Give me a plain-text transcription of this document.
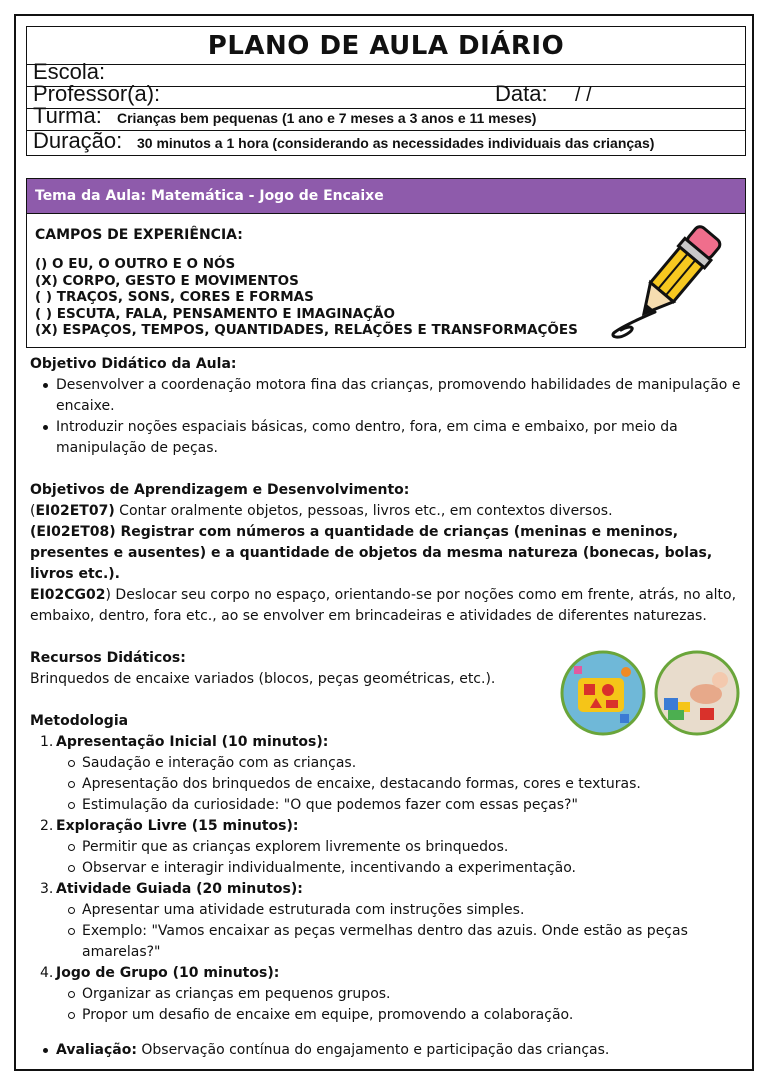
PLANO DE AULA DIÁRIO
Escola:
Professor(a):	Data: / /
Turma: Crianças bem pequenas (1 ano e 7 meses a 3 anos e 11 meses)
Duração: 30 minutos a 1 hora (considerando as necessidades individuais das crianças)
Tema da Aula: Matemática - Jogo de Encaixe
CAMPOS DE EXPERIÊNCIA:
() O EU, O OUTRO E O NÓS
(X) CORPO, GESTO E MOVIMENTOS
( ) TRAÇOS, SONS, CORES E FORMAS
( ) ESCUTA, FALA, PENSAMENTO E IMAGINAÇÃO
(X) ESPAÇOS, TEMPOS, QUANTIDADES, RELAÇÕES E TRANSFORMAÇÕES
Objetivo Didático da Aula:
Desenvolver a coordenação motora fina das crianças, promovendo habilidades de manipulação e encaixe.
Introduzir noções espaciais básicas, como dentro, fora, em cima e embaixo, por meio da manipulação de peças.
Objetivos de Aprendizagem e Desenvolvimento:
(EI02ET07) Contar oralmente objetos, pessoas, livros etc., em contextos diversos.
(EI02ET08) Registrar com números a quantidade de crianças (meninas e meninos, presentes e ausentes) e a quantidade de objetos da mesma natureza (bonecas, bolas, livros etc.).
EI02CG02) Deslocar seu corpo no espaço, orientando-se por noções como em frente, atrás, no alto, embaixo, dentro, fora etc., ao se envolver em brincadeiras e atividades de diferentes naturezas.
Recursos Didáticos:
Brinquedos de encaixe variados (blocos, peças geométricas, etc.).
Metodologia
1. Apresentação Inicial (10 minutos):
Saudação e interação com as crianças.
Apresentação dos brinquedos de encaixe, destacando formas, cores e texturas.
Estimulação da curiosidade: "O que podemos fazer com essas peças?"
2. Exploração Livre (15 minutos):
Permitir que as crianças explorem livremente os brinquedos.
Observar e interagir individualmente, incentivando a experimentação.
3. Atividade Guiada (20 minutos):
Apresentar uma atividade estruturada com instruções simples.
Exemplo: "Vamos encaixar as peças vermelhas dentro das azuis. Onde estão as peças amarelas?"
4. Jogo de Grupo (10 minutos):
Organizar as crianças em pequenos grupos.
Propor um desafio de encaixe em equipe, promovendo a colaboração.
Avaliação: Observação contínua do engajamento e participação das crianças.
